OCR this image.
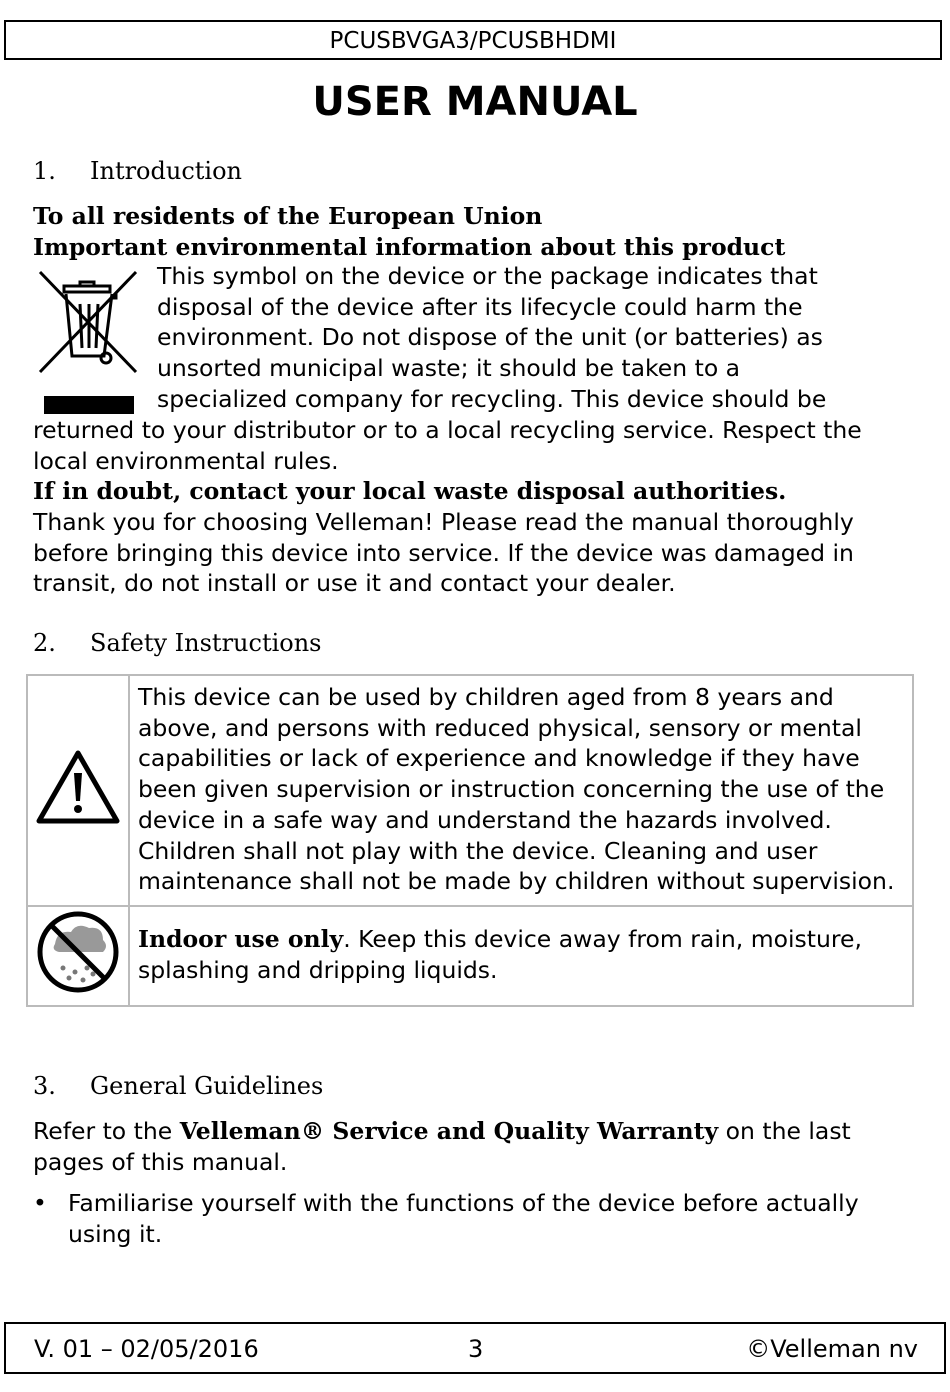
PCUSBVGA3/PCUSBHDMI
USER MANUAL
1. Introduction

To all residents of the European Union

Important environmental information about this product

This symbol on the device or the package indicates that

disposal of the device after its lifecycle could harm the

environment. Do not dispose of the unit (or batteries) as

unsorted municipal waste; it should be taken to a

specialized company for recycling. This device should be

returned to your distributor or to a local recycling service. Respect the local environmental rules.

If in doubt, contact your local waste disposal authorities.

Thank you for choosing Velleman! Please read the manual thoroughly before bringing this device into service. If the device was damaged in transit, do not install or use it and contact your dealer.

2. Safety Instructions
	This device can be used by children aged from 8 years and above, and persons with reduced physical, sensory or mental capabilities or lack of experience and knowledge if they have been given supervision or instruction concerning the use of the device in a safe way and understand the hazards involved. Children shall not play with the device. Cleaning and user maintenance shall not be made by children without supervision.
	Indoor use only. Keep this device away from rain, moisture, splashing and dripping liquids.
3. General Guidelines

Refer to the Velleman® Service and Quality Warranty on the last pages of this manual.

• Familiarise yourself with the functions of the device before actually using it.
V. 01 – 02/05/2016	3	©Velleman nv
